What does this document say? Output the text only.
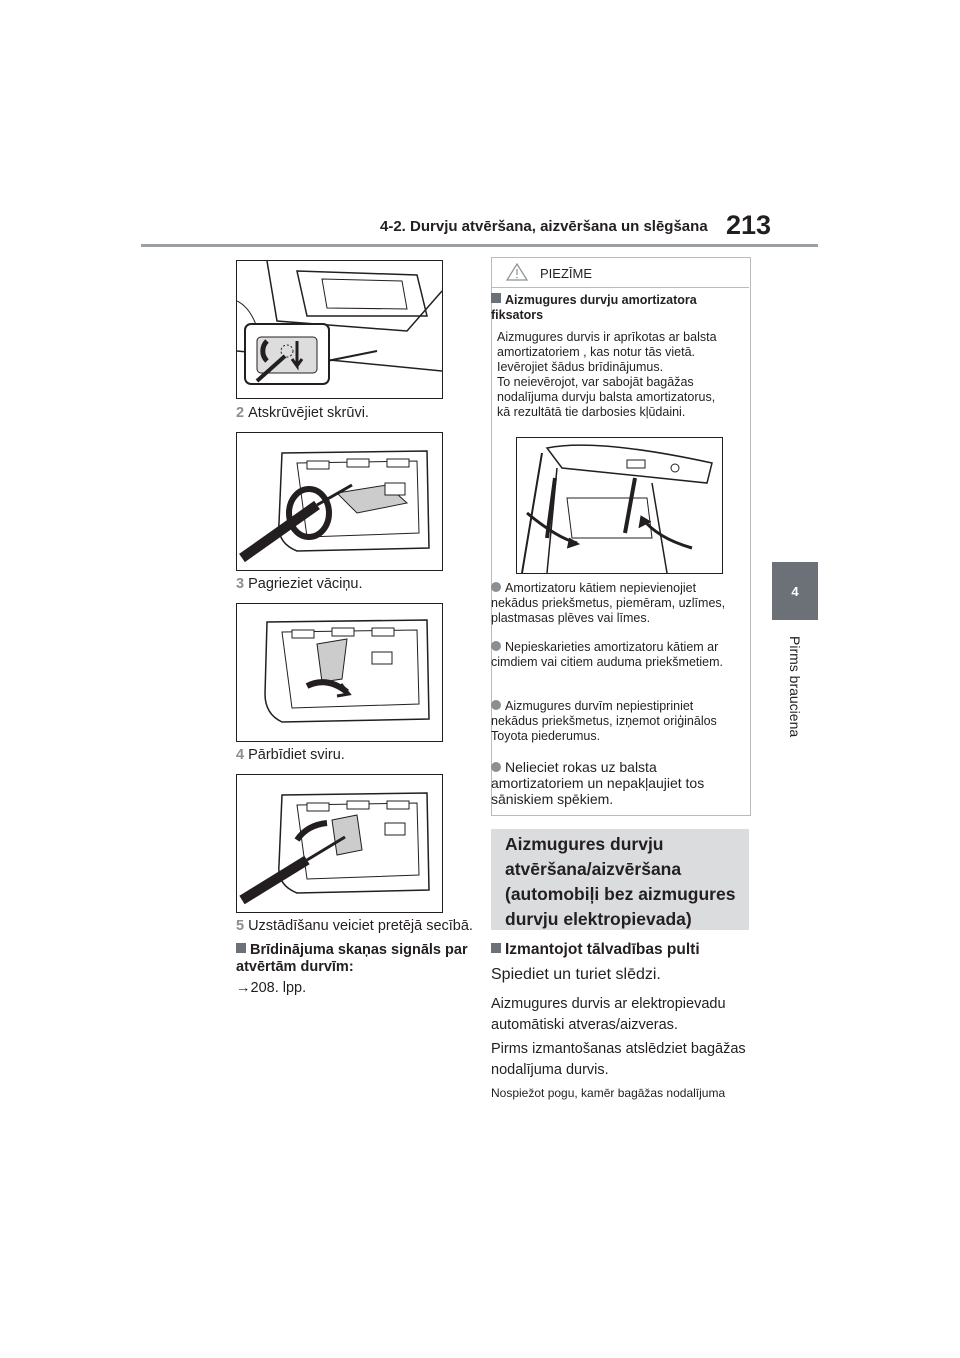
4-2. Durvju atvēršana, aizvēršana un slēgšana 213
4
Pirms brauciena
2 Atskrūvējiet skrūvi.
3 Pagrieziet vāciņu.
4 Pārbīdiet sviru.
5 Uzstādīšanu veiciet pretējā secībā.
Brīdinājuma skaņas signāls par atvērtām durvīm:
→208. lpp.
PIEZĪME
Aizmugures durvju amortizatora fiksators
Aizmugures durvis ir aprīkotas ar balsta
amortizatoriem , kas notur tās vietā.
Ievērojiet šādus brīdinājumus.
To neievērojot, var sabojāt bagāžas
nodalījuma durvju balsta amortizatorus,
kā rezultātā tie darbosies kļūdaini.
Amortizatoru kātiem nepievienojiet nekādus priekšmetus, piemēram, uzlīmes, plastmasas plēves vai līmes.
Nepieskarieties amortizatoru kātiem ar cimdiem vai citiem auduma priekšmetiem.
Aizmugures durvīm nepiestipriniet nekādus priekšmetus, izņemot oriģinālos Toyota piederumus.
Nelieciet rokas uz balsta amortizatoriem un nepakļaujiet tos sāniskiem spēkiem.
Aizmugures durvju
atvēršana/aizvēršana
(automobiļi bez aizmugures
durvju elektropievada)
Izmantojot tālvadības pulti
Spiediet un turiet slēdzi.
Aizmugures durvis ar elektropievadu
automātiski atveras/aizveras.
Pirms izmantošanas atslēdziet bagāžas
nodalījuma durvis.
Nospiežot pogu, kamēr bagāžas nodalījuma
